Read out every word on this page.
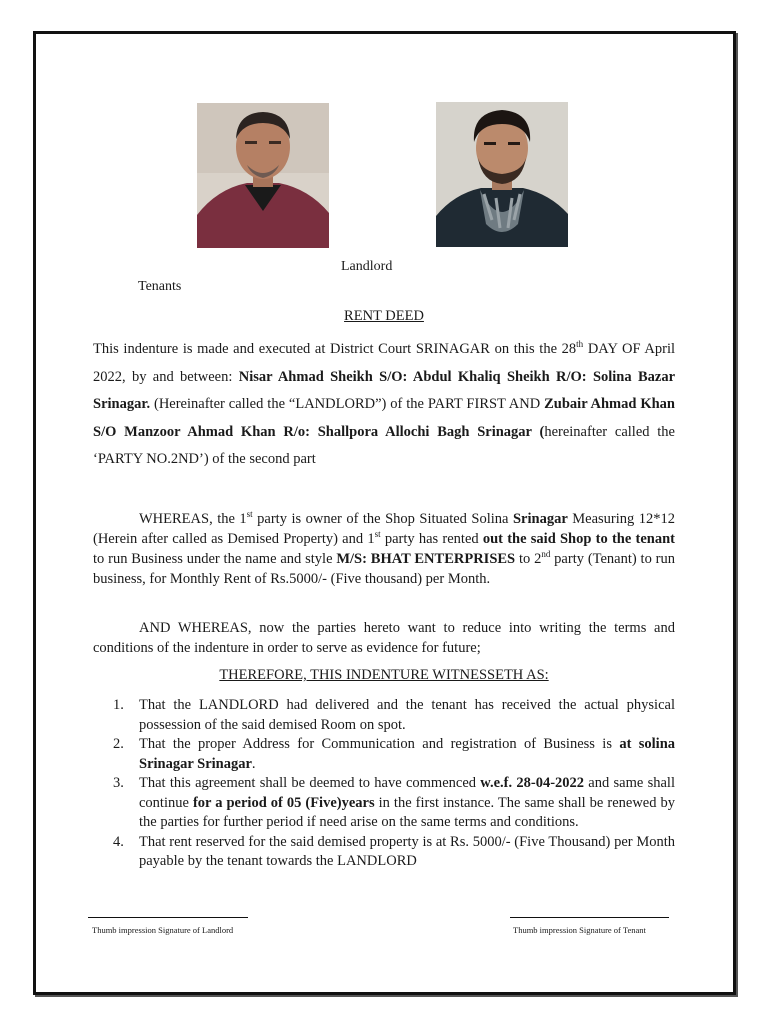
Landlord
Tenants
RENT DEED
This indenture is made and executed at District Court SRINAGAR on this the 28th DAY OF April 2022, by and between: Nisar Ahmad Sheikh S/O: Abdul Khaliq Sheikh R/O: Solina Bazar Srinagar. (Hereinafter called the “LANDLORD”) of the PART FIRST AND Zubair Ahmad Khan S/O Manzoor Ahmad Khan R/o: Shallpora Allochi Bagh Srinagar (hereinafter called the ‘PARTY NO.2ND’) of the second part
WHEREAS, the 1st party is owner of the Shop Situated Solina Srinagar Measuring 12*12 (Herein after called as Demised Property) and 1st party has rented out the said Shop to the tenant to run Business under the name and style M/S: BHAT ENTERPRISES to 2nd party (Tenant) to run business, for Monthly Rent of Rs.5000/- (Five thousand) per Month.
AND WHEREAS, now the parties hereto want to reduce into writing the terms and conditions of the indenture in order to serve as evidence for future;
THEREFORE, THIS INDENTURE WITNESSETH AS:
1. That the LANDLORD had delivered and the tenant has received the actual physical possession of the said demised Room on spot.
2. That the proper Address for Communication and registration of Business is at solina Srinagar Srinagar.
3. That this agreement shall be deemed to have commenced w.e.f. 28-04-2022 and same shall continue for a period of 05 (Five)years in the first instance. The same shall be renewed by the parties for further period if need arise on the same terms and conditions.
4. That rent reserved for the said demised property is at Rs. 5000/- (Five Thousand) per Month payable by the tenant towards the LANDLORD
Thumb impression Signature of Landlord	Thumb impression Signature of Tenant
